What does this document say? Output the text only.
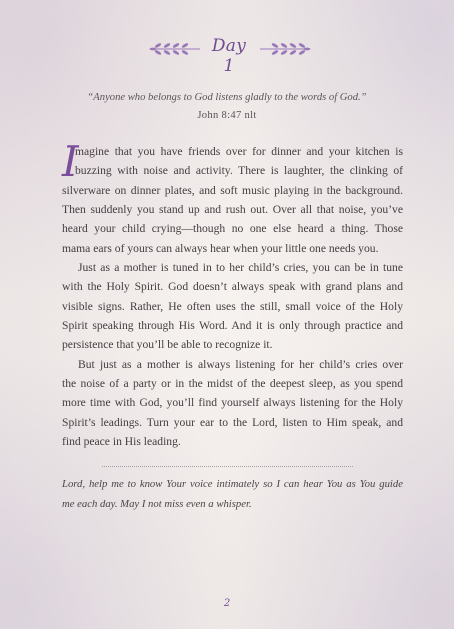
Day 1
“Anyone who belongs to God listens gladly to the words of God.”
John 8:47 nlt
I
magine that you have friends over for dinner and your kitchen is
buzzing with noise and activity. There is laughter, the clinking of
silverware on dinner plates, and soft music playing in the background.
Then suddenly you stand up and rush out. Over all that noise, you’ve
heard your child crying—though no one else heard a thing. Those
mama ears of yours can always hear when your little one needs you.
Just as a mother is tuned in to her child’s cries, you can be in tune
with the Holy Spirit. God doesn’t always speak with grand plans and
visible signs. Rather, He often uses the still, small voice of the Holy
Spirit speaking through His Word. And it is only through practice and
persistence that you’ll be able to recognize it.
But just as a mother is always listening for her child’s cries over
the noise of a party or in the midst of the deepest sleep, as you spend
more time with God, you’ll find yourself always listening for the Holy
Spirit’s leadings. Turn your ear to the Lord, listen to Him speak, and
find peace in His leading.
Lord, help me to know Your voice intimately so I can hear You as You guide
me each day. May I not miss even a whisper.
2
